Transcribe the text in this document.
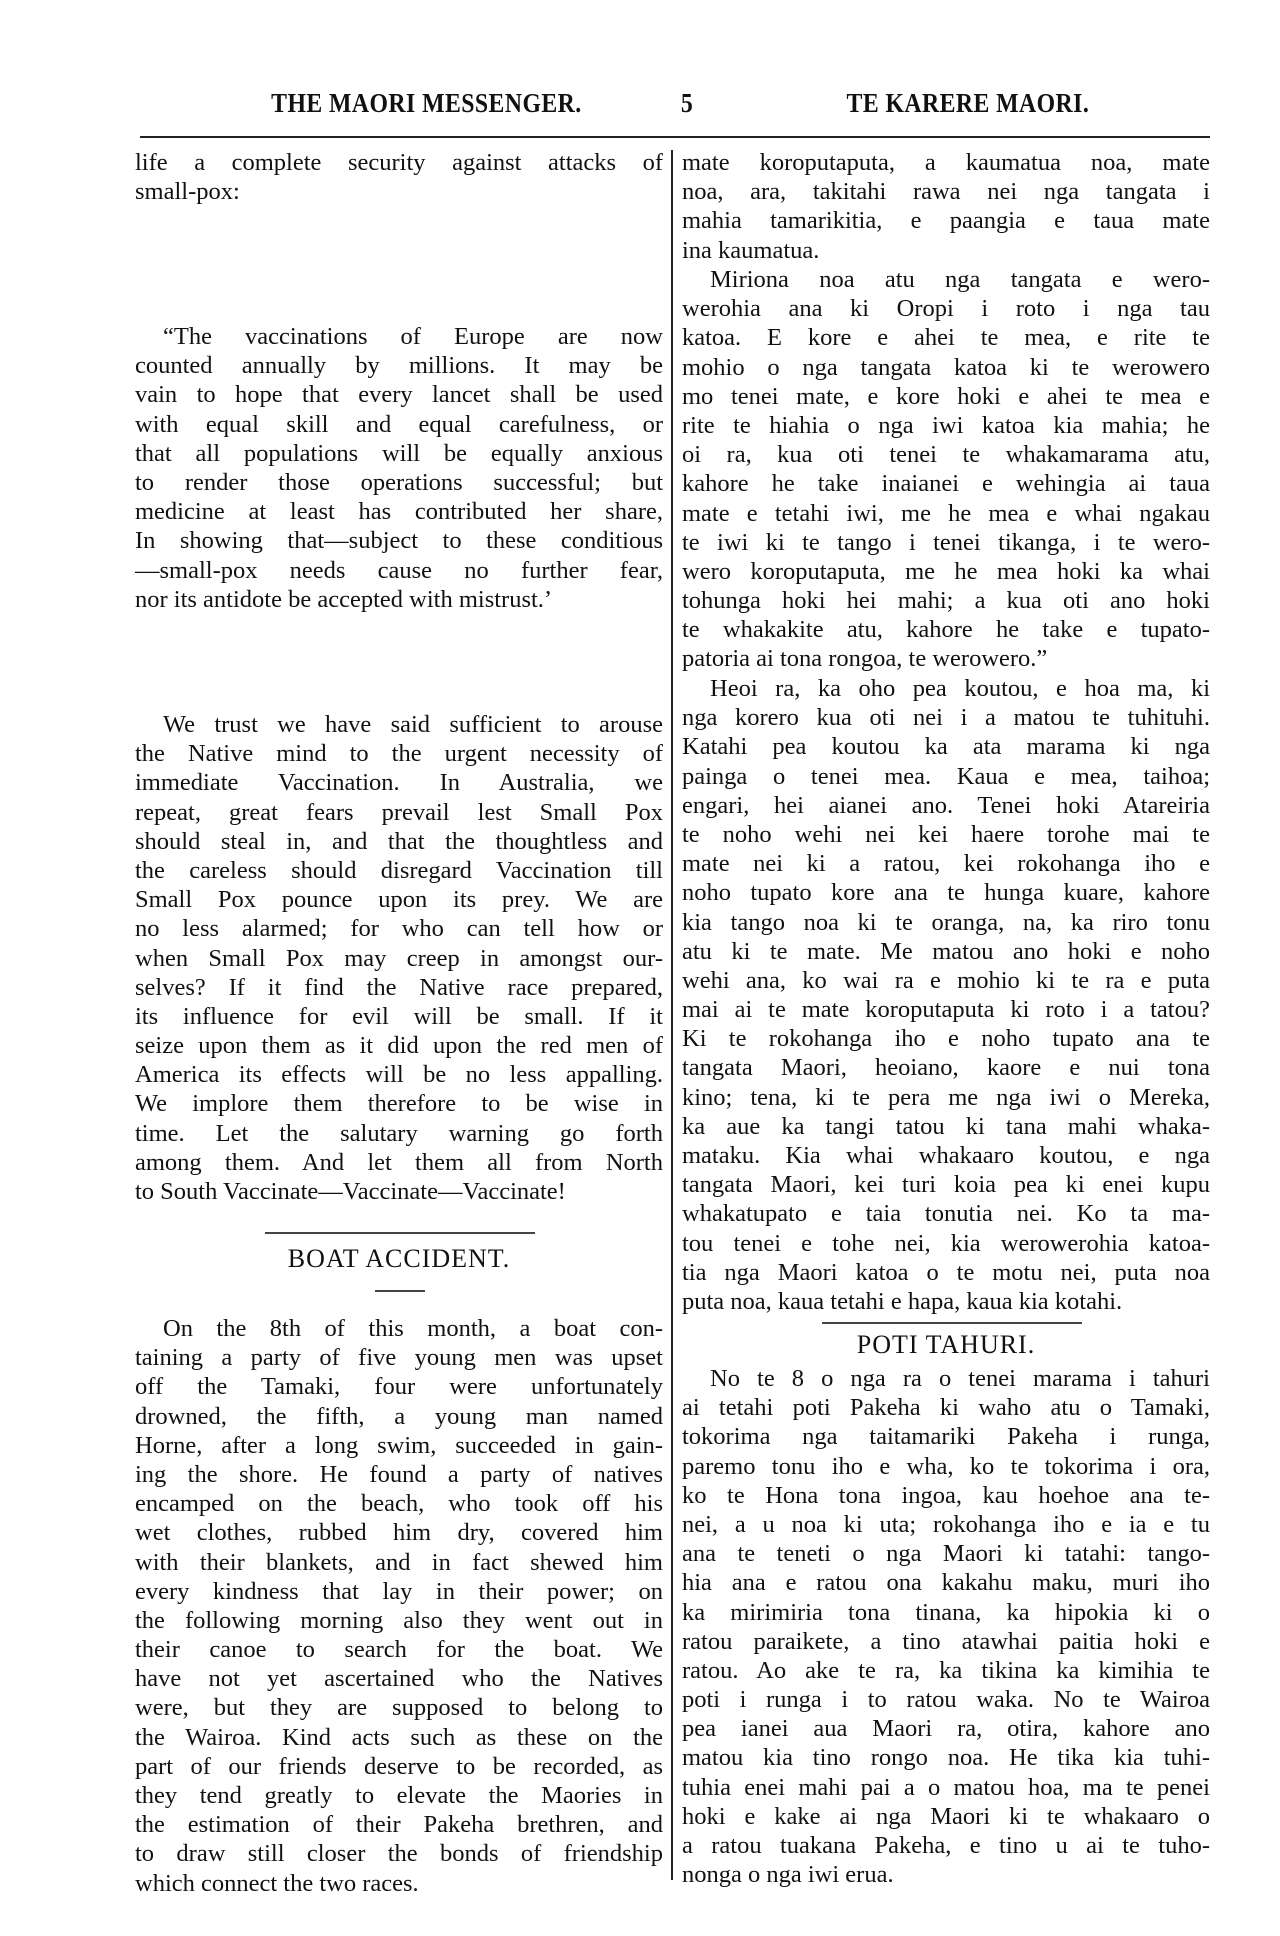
THE MAORI MESSENGER.	5	TE KARERE MAORI.
life a complete security against attacks of
small-pox:
“The vaccinations of Europe are now
counted annually by millions. It may be
vain to hope that every lancet shall be used
with equal skill and equal carefulness, or
that all populations will be equally anxious
to render those operations successful; but
medicine at least has contributed her share,
In showing that—subject to these conditious
—small-pox needs cause no further fear,
nor its antidote be accepted with mistrust.’
We trust we have said sufficient to arouse
the Native mind to the urgent necessity of
immediate Vaccination. In Australia, we
repeat, great fears prevail lest Small Pox
should steal in, and that the thoughtless and
the careless should disregard Vaccination till
Small Pox pounce upon its prey. We are
no less alarmed; for who can tell how or
when Small Pox may creep in amongst our-
selves? If it find the Native race prepared,
its influence for evil will be small. If it
seize upon them as it did upon the red men of
America its effects will be no less appalling.
We implore them therefore to be wise in
time. Let the salutary warning go forth
among them. And let them all from North
to South Vaccinate—Vaccinate—Vaccinate!
BOAT ACCIDENT.
On the 8th of this month, a boat con-
taining a party of five young men was upset
off the Tamaki, four were unfortunately
drowned, the fifth, a young man named
Horne, after a long swim, succeeded in gain-
ing the shore. He found a party of natives
encamped on the beach, who took off his
wet clothes, rubbed him dry, covered him
with their blankets, and in fact shewed him
every kindness that lay in their power; on
the following morning also they went out in
their canoe to search for the boat. We
have not yet ascertained who the Natives
were, but they are supposed to belong to
the Wairoa. Kind acts such as these on the
part of our friends deserve to be recorded, as
they tend greatly to elevate the Maories in
the estimation of their Pakeha brethren, and
to draw still closer the bonds of friendship
which connect the two races.
mate koroputaputa, a kaumatua noa, mate
noa, ara, takitahi rawa nei nga tangata i
mahia tamarikitia, e paangia e taua mate
ina kaumatua.
Miriona noa atu nga tangata e wero-
werohia ana ki Oropi i roto i nga tau
katoa. E kore e ahei te mea, e rite te
mohio o nga tangata katoa ki te werowero
mo tenei mate, e kore hoki e ahei te mea e
rite te hiahia o nga iwi katoa kia mahia; he
oi ra, kua oti tenei te whakamarama atu,
kahore he take inaianei e wehingia ai taua
mate e tetahi iwi, me he mea e whai ngakau
te iwi ki te tango i tenei tikanga, i te wero-
wero koroputaputa, me he mea hoki ka whai
tohunga hoki hei mahi; a kua oti ano hoki
te whakakite atu, kahore he take e tupato-
patoria ai tona rongoa, te werowero.”
Heoi ra, ka oho pea koutou, e hoa ma, ki
nga korero kua oti nei i a matou te tuhituhi.
Katahi pea koutou ka ata marama ki nga
painga o tenei mea. Kaua e mea, taihoa;
engari, hei aianei ano. Tenei hoki Atareiria
te noho wehi nei kei haere torohe mai te
mate nei ki a ratou, kei rokohanga iho e
noho tupato kore ana te hunga kuare, kahore
kia tango noa ki te oranga, na, ka riro tonu
atu ki te mate. Me matou ano hoki e noho
wehi ana, ko wai ra e mohio ki te ra e puta
mai ai te mate koroputaputa ki roto i a tatou?
Ki te rokohanga iho e noho tupato ana te
tangata Maori, heoiano, kaore e nui tona
kino; tena, ki te pera me nga iwi o Mereka,
ka aue ka tangi tatou ki tana mahi whaka-
mataku. Kia whai whakaaro koutou, e nga
tangata Maori, kei turi koia pea ki enei kupu
whakatupato e taia tonutia nei. Ko ta ma-
tou tenei e tohe nei, kia werowerohia katoa-
tia nga Maori katoa o te motu nei, puta noa
puta noa, kaua tetahi e hapa, kaua kia kotahi.
POTI TAHURI.
No te 8 o nga ra o tenei marama i tahuri
ai tetahi poti Pakeha ki waho atu o Tamaki,
tokorima nga taitamariki Pakeha i runga,
paremo tonu iho e wha, ko te tokorima i ora,
ko te Hona tona ingoa, kau hoehoe ana te-
nei, a u noa ki uta; rokohanga iho e ia e tu
ana te teneti o nga Maori ki tatahi: tango-
hia ana e ratou ona kakahu maku, muri iho
ka mirimiria tona tinana, ka hipokia ki o
ratou paraikete, a tino atawhai paitia hoki e
ratou. Ao ake te ra, ka tikina ka kimihia te
poti i runga i to ratou waka. No te Wairoa
pea ianei aua Maori ra, otira, kahore ano
matou kia tino rongo noa. He tika kia tuhi-
tuhia enei mahi pai a o matou hoa, ma te penei
hoki e kake ai nga Maori ki te whakaaro o
a ratou tuakana Pakeha, e tino u ai te tuho-
nonga o nga iwi erua.
